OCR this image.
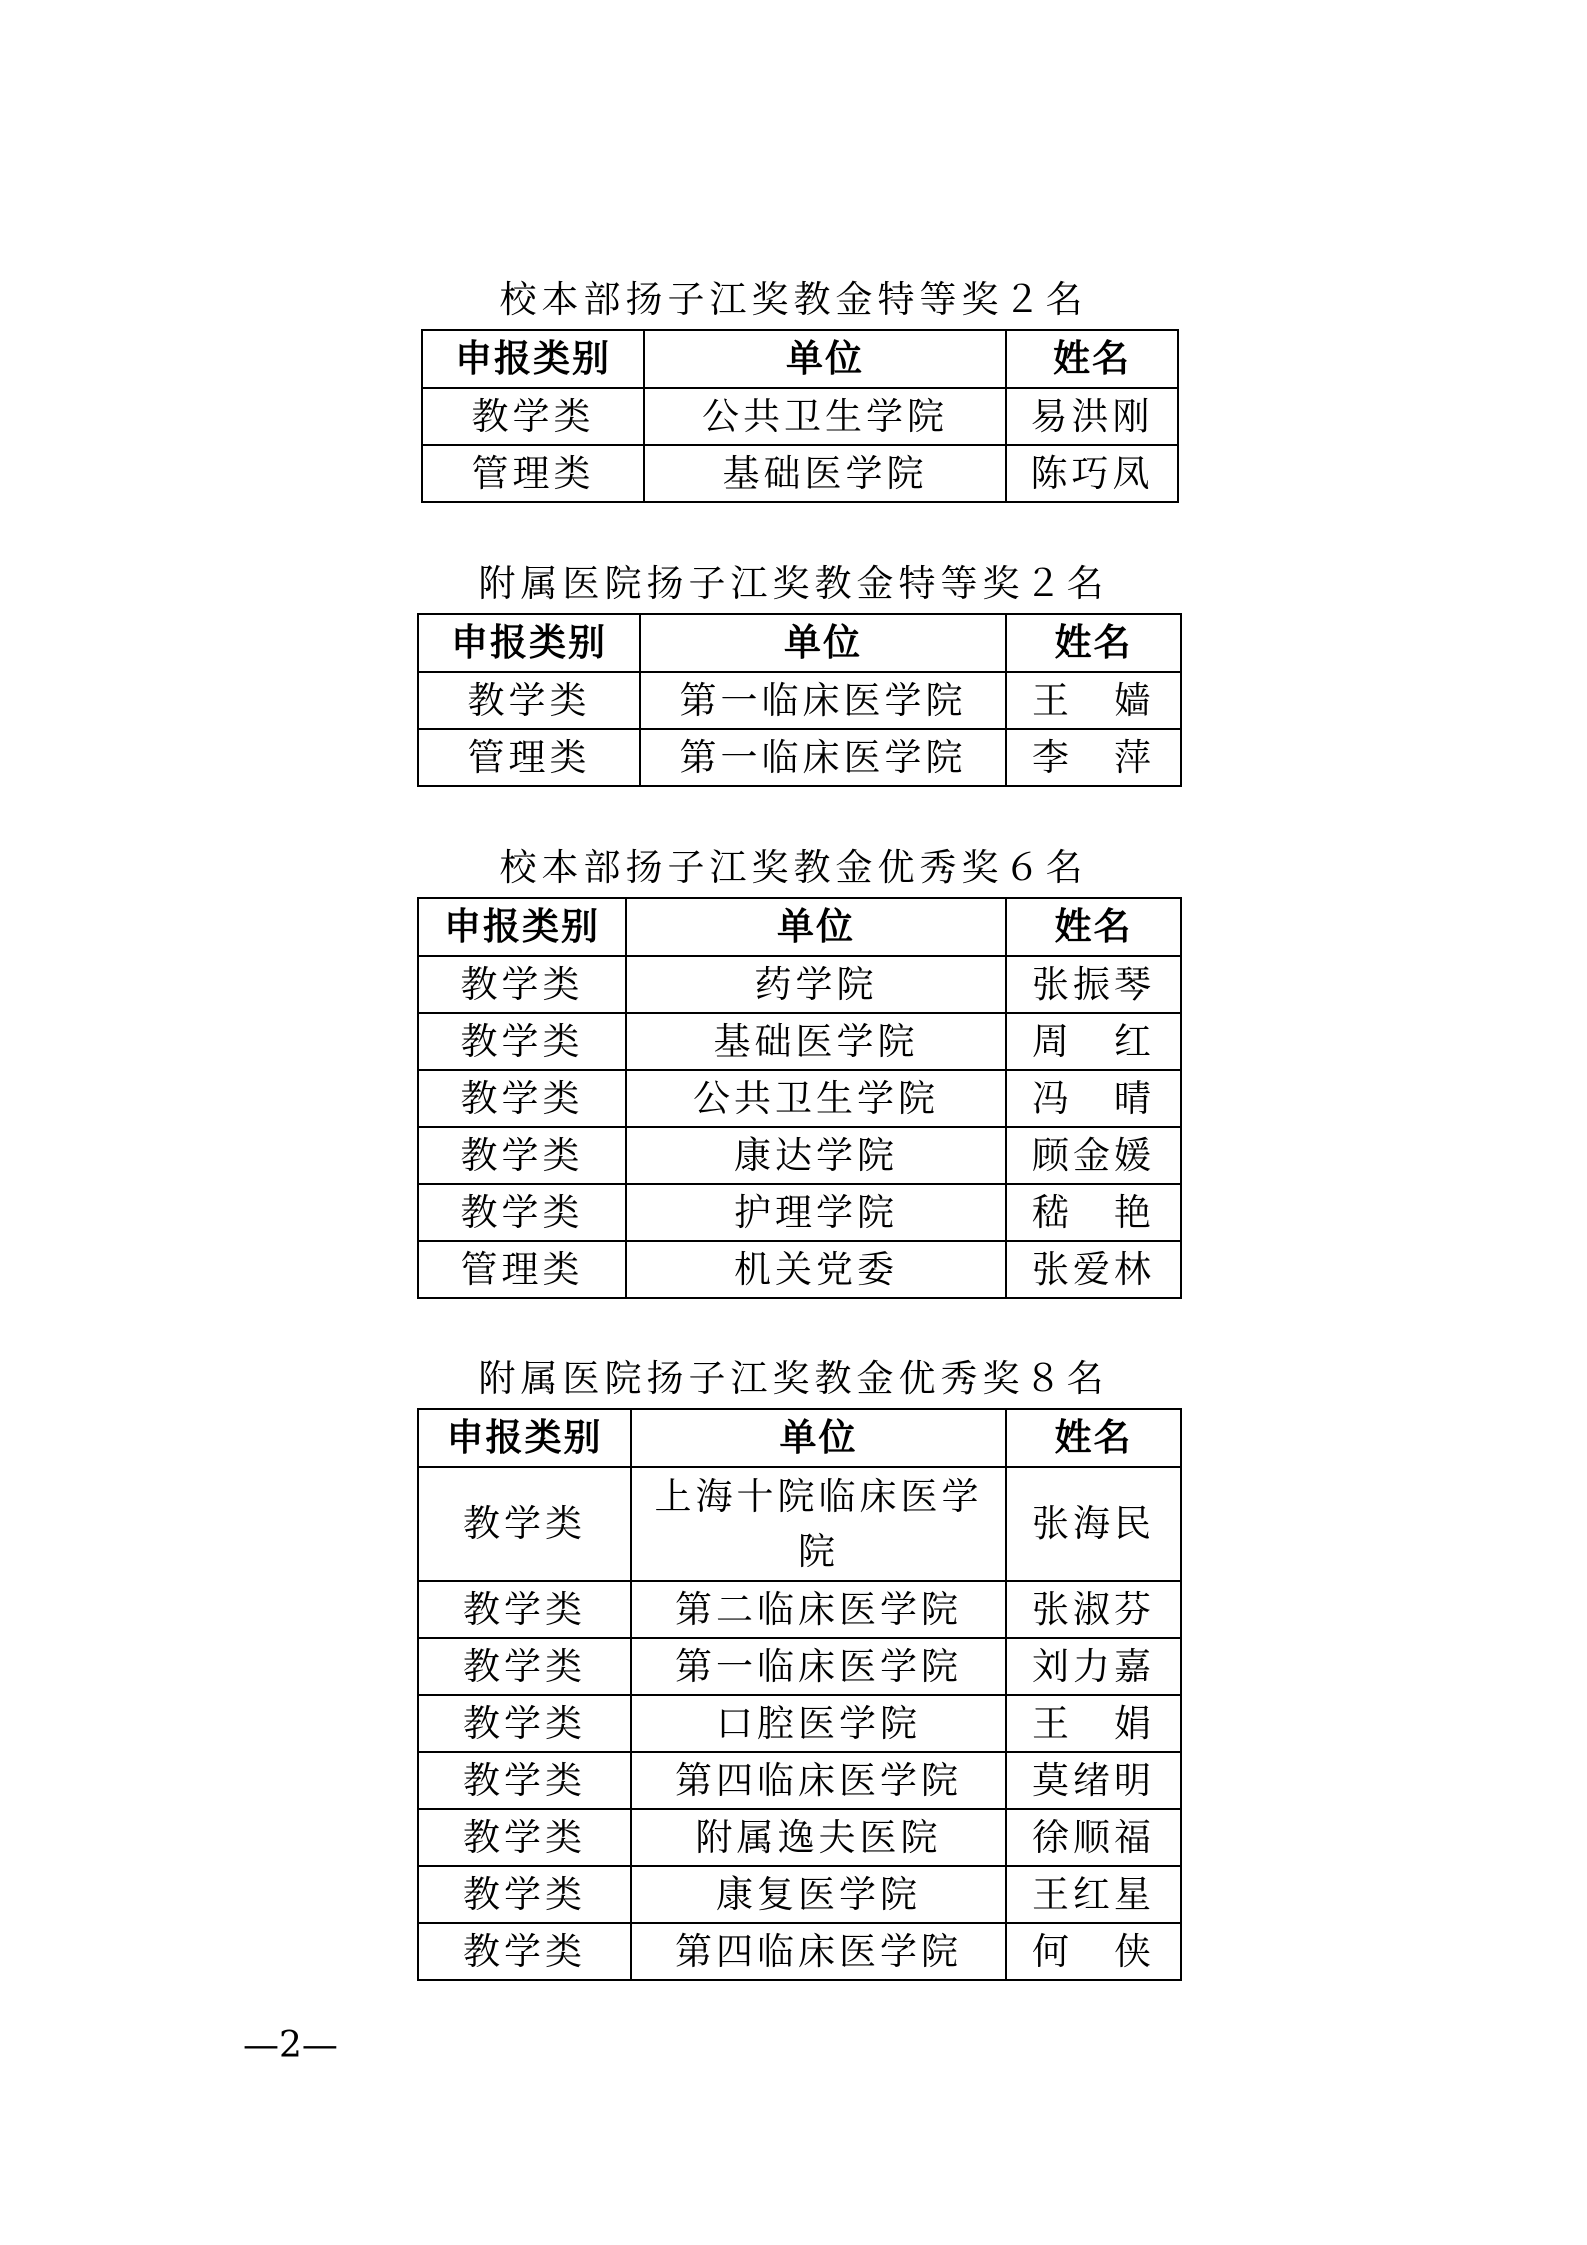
校本部扬子江奖教金特等奖２名
申报类别	单位	姓名
教学类	公共卫生学院	易洪刚
管理类	基础医学院	陈巧凤
附属医院扬子江奖教金特等奖２名
申报类别	单位	姓名
教学类	第一临床医学院	王　嫱
管理类	第一临床医学院	李　萍
校本部扬子江奖教金优秀奖６名
申报类别	单位	姓名
教学类	药学院	张振琴
教学类	基础医学院	周　红
教学类	公共卫生学院	冯　晴
教学类	康达学院	顾金媛
教学类	护理学院	嵇　艳
管理类	机关党委	张爱林
附属医院扬子江奖教金优秀奖８名
申报类别	单位	姓名
教学类	上海十院临床医学院	张海民
教学类	第二临床医学院	张淑芬
教学类	第一临床医学院	刘力嘉
教学类	口腔医学院	王　娟
教学类	第四临床医学院	莫绪明
教学类	附属逸夫医院	徐顺福
教学类	康复医学院	王红星
教学类	第四临床医学院	何　侠
—2—
